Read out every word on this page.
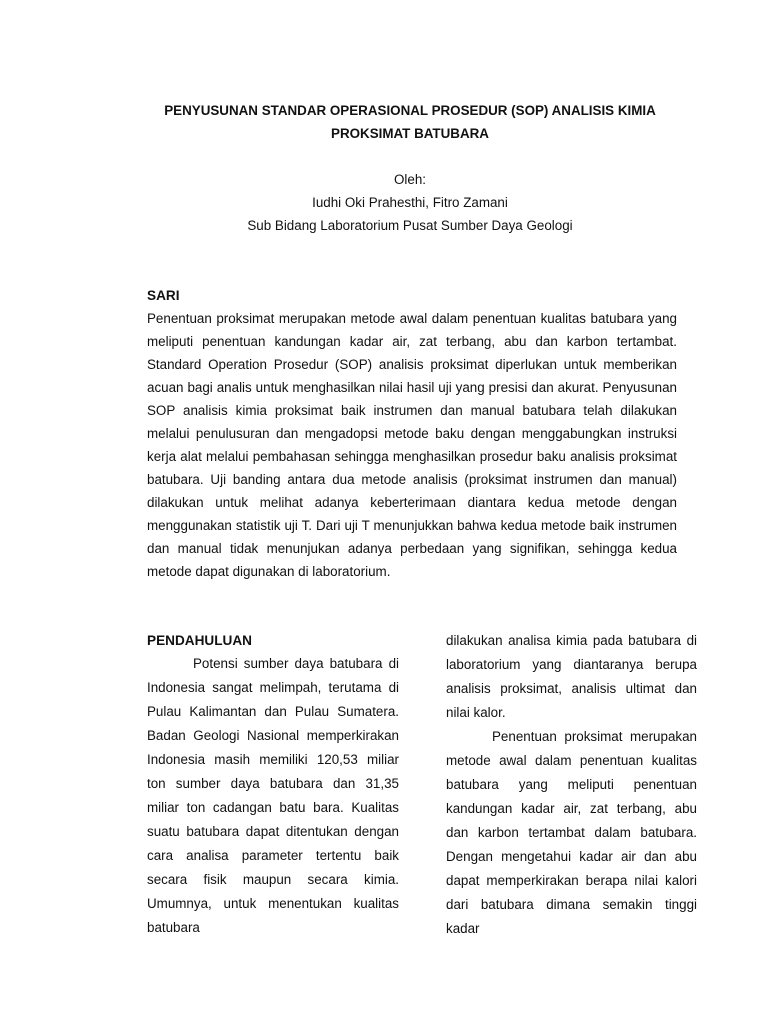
PENYUSUNAN STANDAR OPERASIONAL PROSEDUR (SOP) ANALISIS KIMIA
PROKSIMAT BATUBARA
Oleh:
Iudhi Oki Prahesthi, Fitro Zamani
Sub Bidang Laboratorium Pusat Sumber Daya Geologi
SARI

Penentuan proksimat merupakan metode awal dalam penentuan kualitas batubara yang meliputi penentuan kandungan kadar air, zat terbang, abu dan karbon tertambat. Standard Operation Prosedur (SOP) analisis proksimat diperlukan untuk memberikan acuan bagi analis untuk menghasilkan nilai hasil uji yang presisi dan akurat. Penyusunan SOP analisis kimia proksimat baik instrumen dan manual batubara telah dilakukan melalui penulusuran dan mengadopsi metode baku dengan menggabungkan instruksi kerja alat melalui pembahasan sehingga menghasilkan prosedur baku analisis proksimat batubara. Uji banding antara dua metode analisis (proksimat instrumen dan manual) dilakukan untuk melihat adanya keberterimaan diantara kedua metode dengan menggunakan statistik uji T. Dari uji T menunjukkan bahwa kedua metode baik instrumen dan manual tidak menunjukan adanya perbedaan yang signifikan, sehingga kedua metode dapat digunakan di laboratorium.

PENDAHULUAN

Potensi sumber daya batubara di Indonesia sangat melimpah, terutama di Pulau Kalimantan dan Pulau Sumatera. Badan Geologi Nasional memperkirakan Indonesia masih memiliki 120,53 miliar ton sumber daya batubara dan 31,35 miliar ton cadangan batu bara. Kualitas suatu batubara dapat ditentukan dengan cara analisa parameter tertentu baik secara fisik maupun secara kimia. Umumnya, untuk menentukan kualitas batubara

dilakukan analisa kimia pada batubara di laboratorium yang diantaranya berupa analisis proksimat, analisis ultimat dan nilai kalor.

Penentuan proksimat merupakan metode awal dalam penentuan kualitas batubara yang meliputi penentuan kandungan kadar air, zat terbang, abu dan karbon tertambat dalam batubara. Dengan mengetahui kadar air dan abu dapat memperkirakan berapa nilai kalori dari batubara dimana semakin tinggi kadar
